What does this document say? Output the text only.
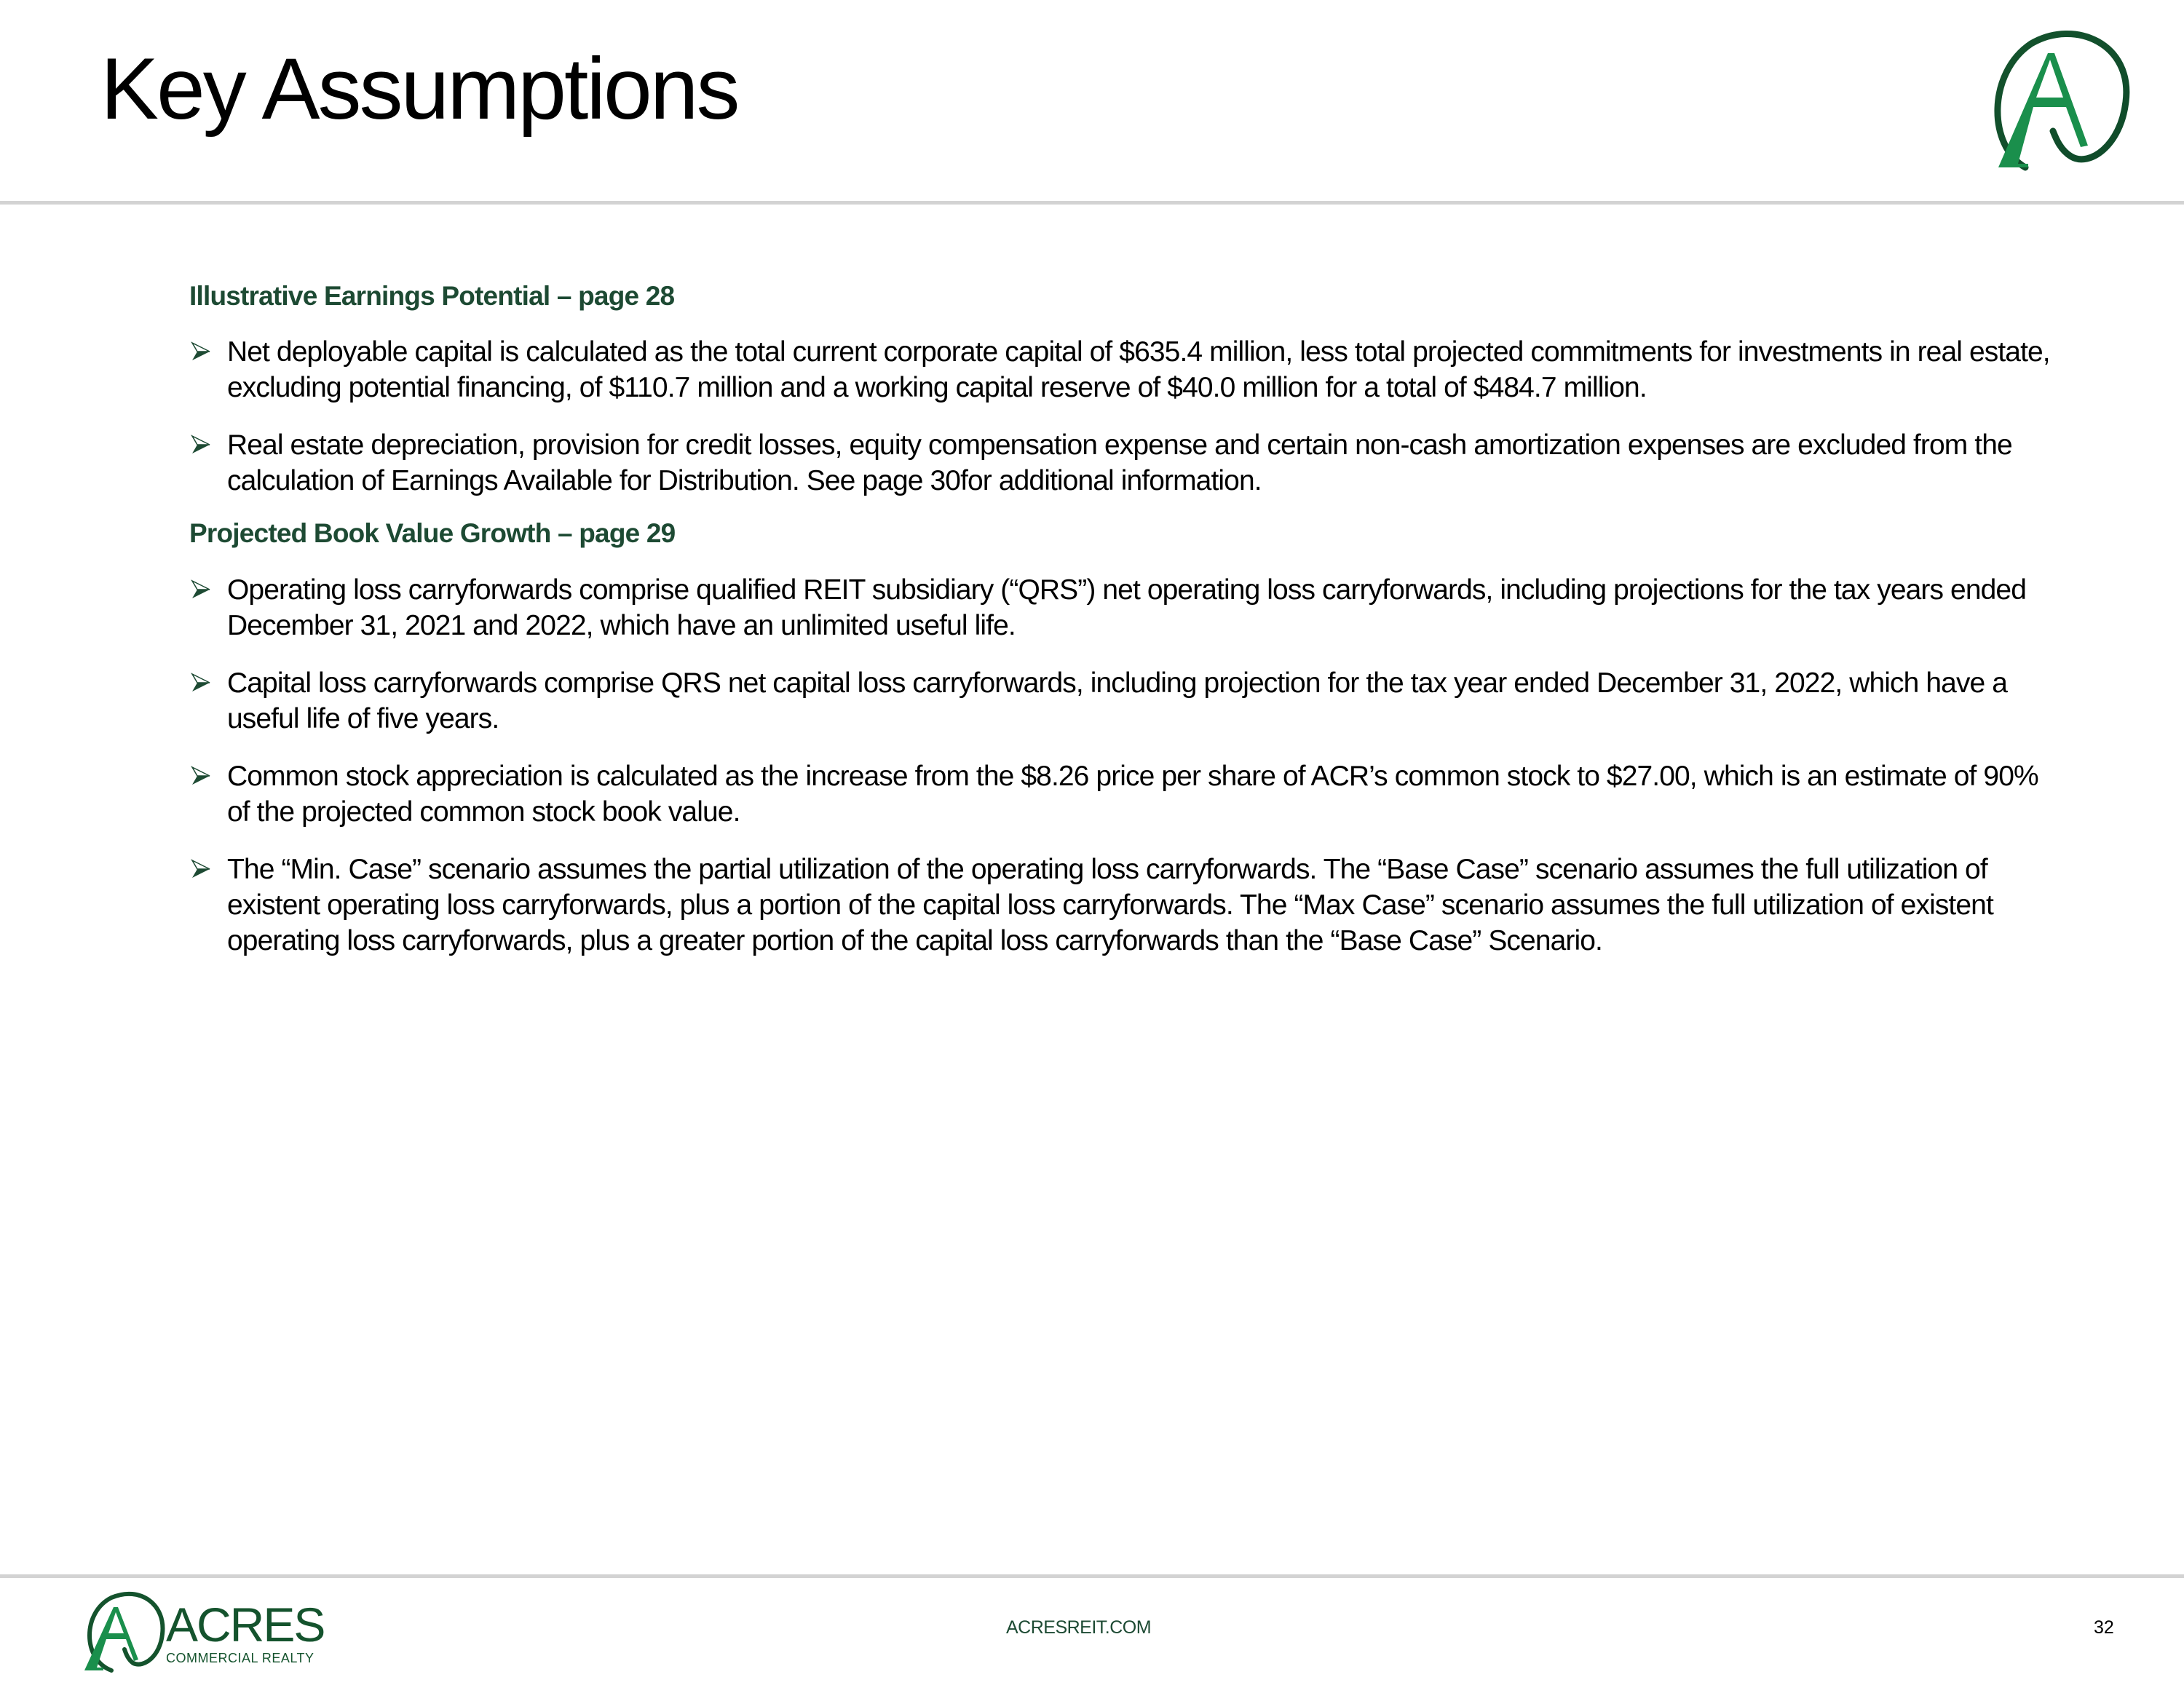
Key Assumptions
Illustrative Earnings Potential – page 28
Net deployable capital is calculated as the total current corporate capital of $635.4 million, less total projected commitments for investments in real estate, excluding potential financing, of $110.7 million and a working capital reserve of $40.0 million for a total of $484.7 million.
Real estate depreciation, provision for credit losses, equity compensation expense and certain non-cash amortization expenses are excluded from the calculation of Earnings Available for Distribution. See page 30for additional information.
Projected Book Value Growth – page 29
Operating loss carryforwards comprise qualified REIT subsidiary (“QRS”) net operating loss carryforwards, including projections for the tax years ended December 31, 2021 and 2022, which have an unlimited useful life.
Capital loss carryforwards comprise QRS net capital loss carryforwards, including projection for the tax year ended December 31, 2022, which have a useful life of five years.
Common stock appreciation is calculated as the increase from the $8.26 price per share of ACR’s common stock to $27.00, which is an estimate of 90% of the projected common stock book value.
The “Min. Case” scenario assumes the partial utilization of the operating loss carryforwards. The “Base Case” scenario assumes the full utilization of existent operating loss carryforwards, plus a portion of the capital loss carryforwards. The “Max Case” scenario assumes the full utilization of existent operating loss carryforwards, plus a greater portion of the capital loss carryforwards than the “Base Case” Scenario.
ACRES
COMMERCIAL REALTY
ACRESREIT.COM	32
